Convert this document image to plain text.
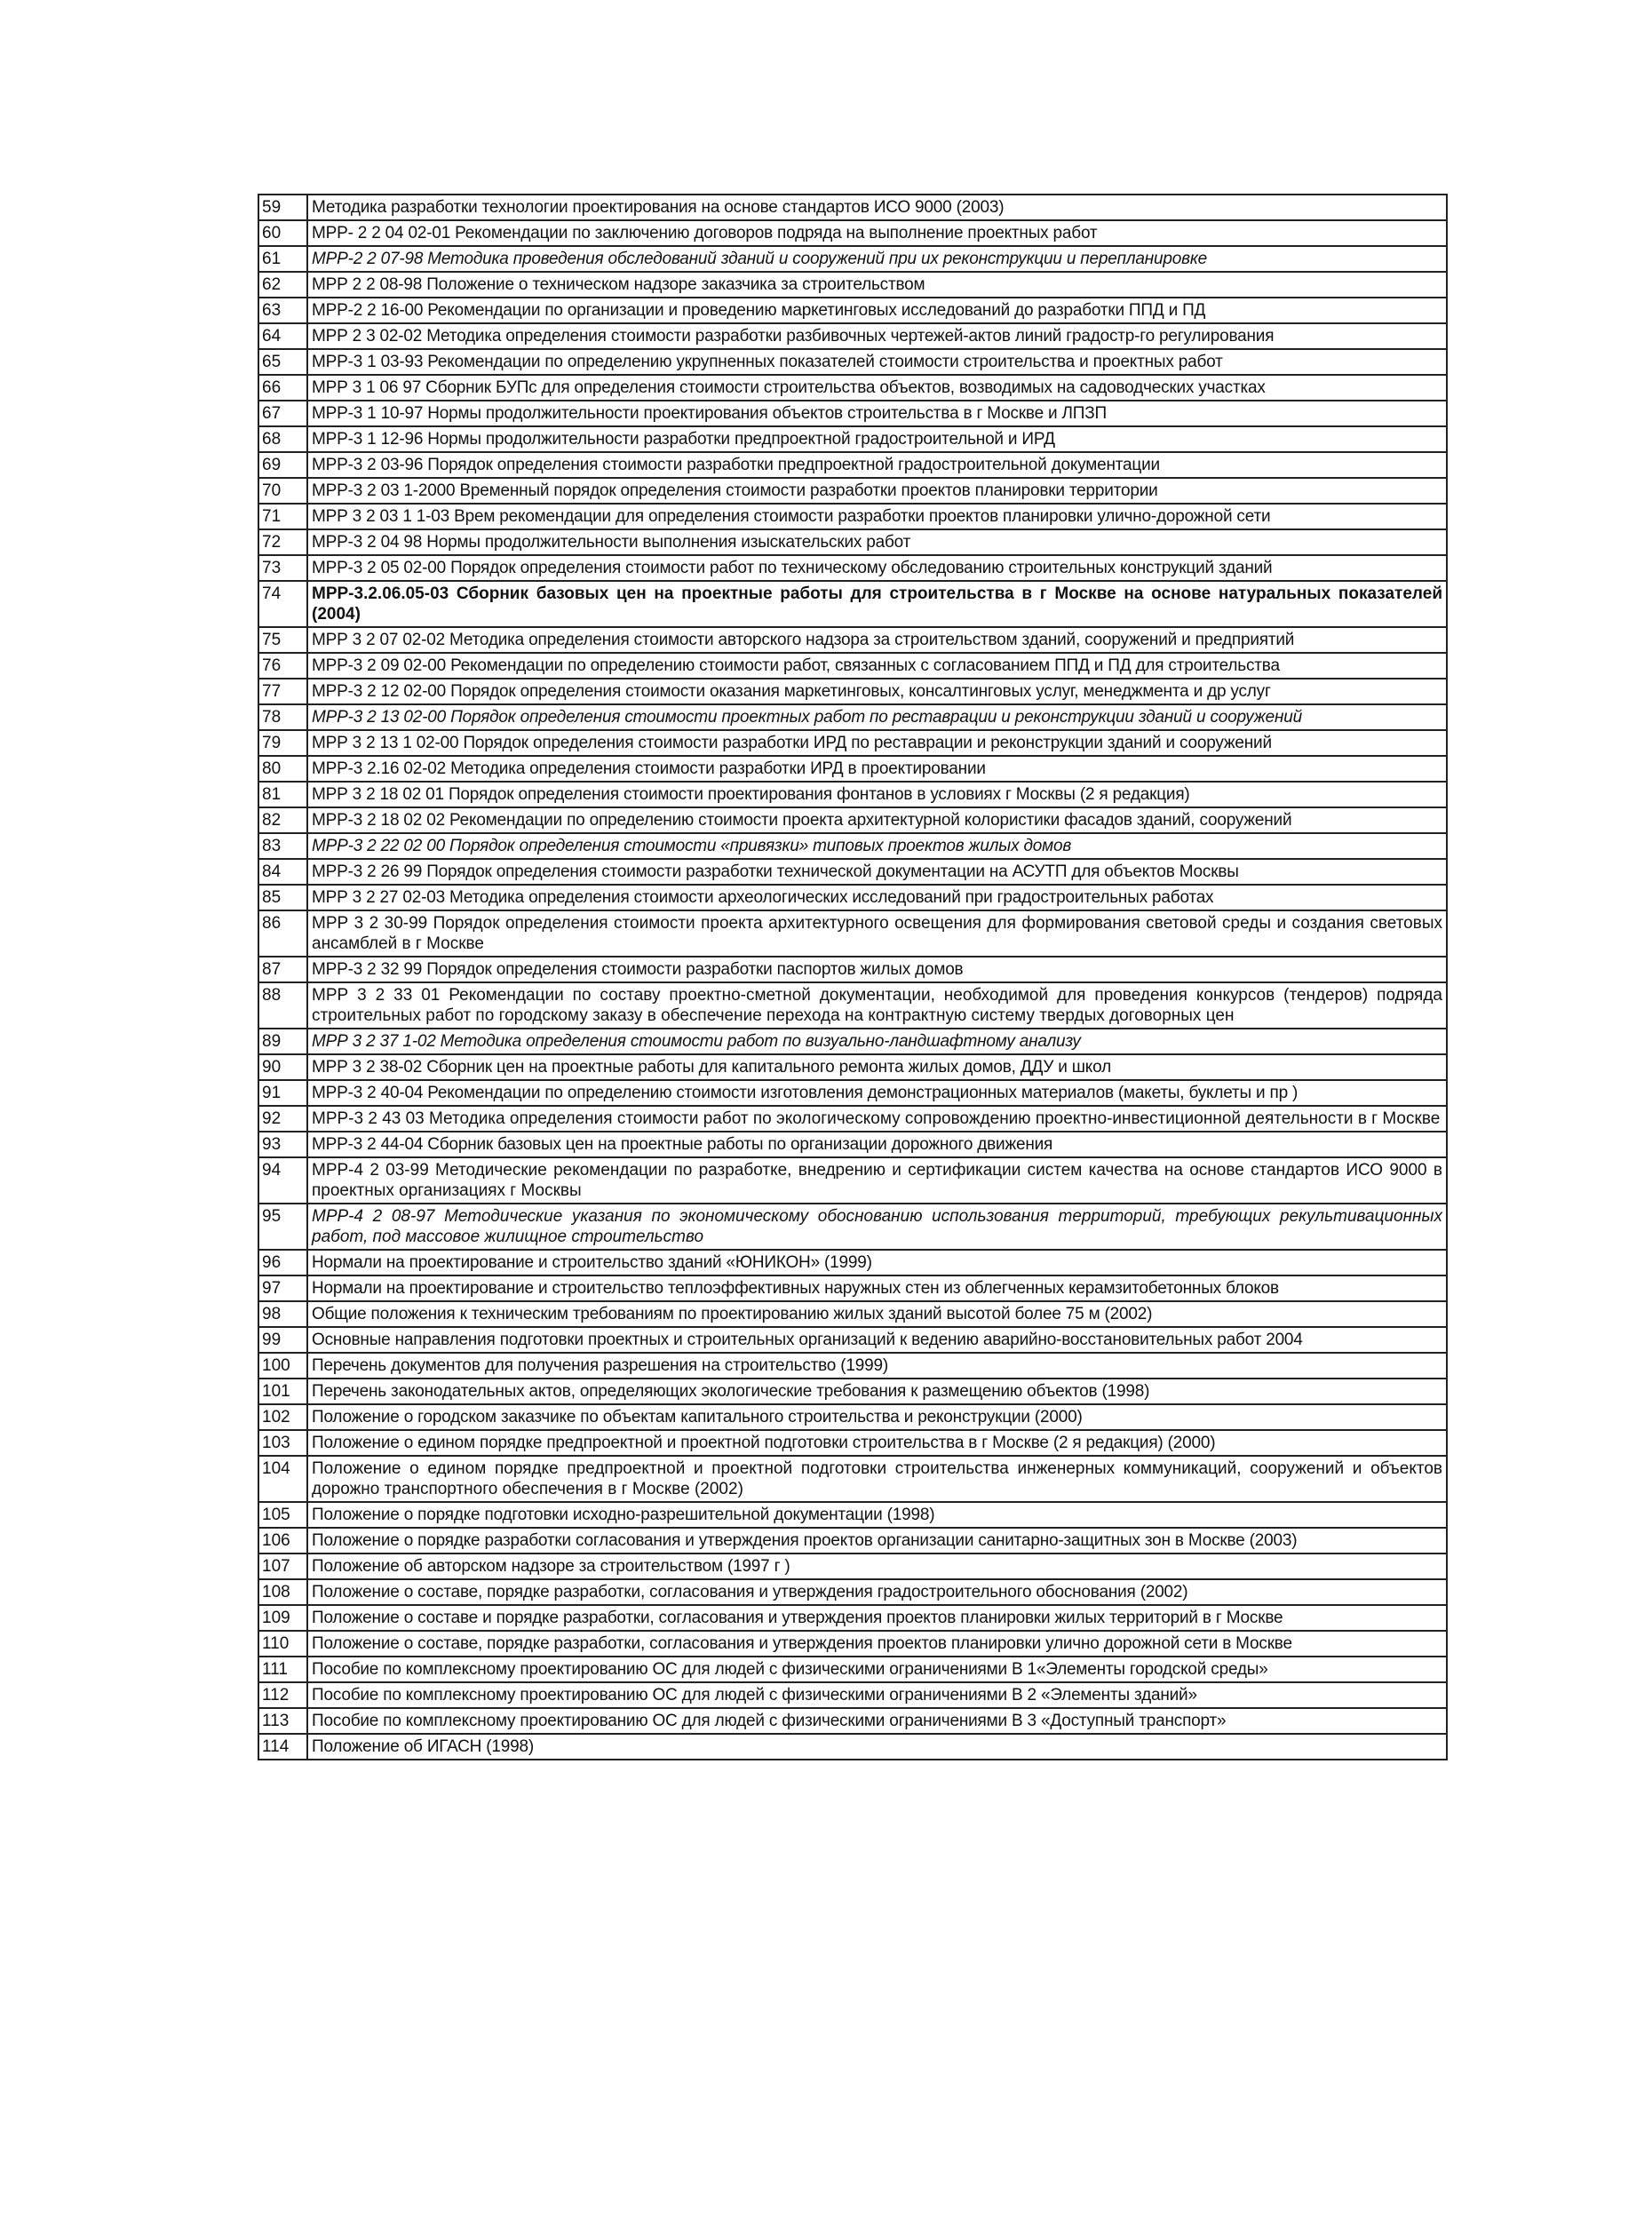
59	Методика разработки технологии проектирования на основе стандартов ИСО 9000 (2003)
60	МРР- 2 2 04 02-01 Рекомендации по заключению договоров подряда на выполнение проектных работ
61	МРР-2 2 07-98 Методика проведения обследований зданий и сооружений при их реконструкции и перепланировке
62	МРР 2 2 08-98 Положение о техническом надзоре заказчика за строительством
63	МРР-2 2 16-00 Рекомендации по организации и проведению маркетинговых исследований до разработки ППД и ПД
64	МРР 2 3 02-02 Методика определения стоимости разработки разбивочных чертежей-актов линий градостр-го регулирования
65	МРР-3 1 03-93 Рекомендации по определению укрупненных показателей стоимости строительства и проектных работ
66	МРР 3 1 06 97 Сборник БУПс для определения стоимости строительства объектов, возводимых на садоводческих участках
67	МРР-3 1 10-97 Нормы продолжительности проектирования объектов строительства в г Москве и ЛПЗП
68	МРР-3 1 12-96 Нормы продолжительности разработки предпроектной градостроительной и ИРД
69	МРР-3 2 03-96 Порядок определения стоимости разработки предпроектной градостроительной документации
70	МРР-3 2 03 1-2000 Временный порядок определения стоимости разработки проектов планировки территории
71	МРР 3 2 03 1 1-03 Врем рекомендации для определения стоимости разработки проектов планировки улично-дорожной сети
72	МРР-3 2 04 98 Нормы продолжительности выполнения изыскательских работ
73	МРР-3 2 05 02-00 Порядок определения стоимости работ по техническому обследованию строительных конструкций зданий
74	МРР-3.2.06.05-03 Сборник базовых цен на проектные работы для строительства в г Москве на основе натуральных показателей (2004)
75	МРР 3 2 07 02-02 Методика определения стоимости авторского надзора за строительством зданий, сооружений и предприятий
76	МРР-3 2 09 02-00 Рекомендации по определению стоимости работ, связанных с согласованием ППД и ПД для строительства
77	МРР-3 2 12 02-00 Порядок определения стоимости оказания маркетинговых, консалтинговых услуг, менеджмента и др услуг
78	МРР-3 2 13 02-00 Порядок определения стоимости проектных работ по реставрации и реконструкции зданий и сооружений
79	МРР 3 2 13 1 02-00 Порядок определения стоимости разработки ИРД по реставрации и реконструкции зданий и сооружений
80	МРР-3 2.16 02-02 Методика определения стоимости разработки ИРД в проектировании
81	МРР 3 2 18 02 01 Порядок определения стоимости проектирования фонтанов в условиях г Москвы (2 я редакция)
82	МРР-3 2 18 02 02 Рекомендации по определению стоимости проекта архитектурной колористики фасадов зданий, сооружений
83	МРР-3 2 22 02 00 Порядок определения стоимости «привязки» типовых проектов жилых домов
84	МРР-3 2 26 99 Порядок определения стоимости разработки технической документации на АСУТП для объектов Москвы
85	МРР 3 2 27 02-03 Методика определения стоимости археологических исследований при градостроительных работах
86	МРР 3 2 30-99 Порядок определения стоимости проекта архитектурного освещения для формирования световой среды и создания световых ансамблей в г Москве
87	МРР-3 2 32 99 Порядок определения стоимости разработки паспортов жилых домов
88	МРР 3 2 33 01 Рекомендации по составу проектно-сметной документации, необходимой для проведения конкурсов (тендеров) подряда строительных работ по городскому заказу в обеспечение перехода на контрактную систему твердых договорных цен
89	МРР 3 2 37 1-02 Методика определения стоимости работ по визуально-ландшафтному анализу
90	МРР 3 2 38-02 Сборник цен на проектные работы для капитального ремонта жилых домов, ДДУ и школ
91	МРР-3 2 40-04 Рекомендации по определению стоимости изготовления демонстрационных материалов (макеты, буклеты и пр )
92	МРР-3 2 43 03 Методика определения стоимости работ по экологическому сопровождению проектно-инвестиционной деятельности в г Москве
93	МРР-3 2 44-04 Сборник базовых цен на проектные работы по организации дорожного движения
94	МРР-4 2 03-99 Методические рекомендации по разработке, внедрению и сертификации систем качества на основе стандартов ИСО 9000 в проектных организациях г Москвы
95	МРР-4 2 08-97 Методические указания по экономическому обоснованию использования территорий, требующих рекультивационных работ, под массовое жилищное строительство
96	Нормали на проектирование и строительство зданий «ЮНИКОН» (1999)
97	Нормали на проектирование и строительство теплоэффективных наружных стен из облегченных керамзитобетонных блоков
98	Общие положения к техническим требованиям по проектированию жилых зданий высотой более 75 м (2002)
99	Основные направления подготовки проектных и строительных организаций к ведению аварийно-восстановительных работ 2004
100	Перечень документов для получения разрешения на строительство (1999)
101	Перечень законодательных актов, определяющих экологические требования к размещению объектов (1998)
102	Положение о городском заказчике по объектам капитального строительства и реконструкции (2000)
103	Положение о едином порядке предпроектной и проектной подготовки строительства в г Москве (2 я редакция) (2000)
104	Положение о едином порядке предпроектной и проектной подготовки строительства инженерных коммуникаций, сооружений и объектов дорожно транспортного обеспечения в г Москве (2002)
105	Положение о порядке подготовки исходно-разрешительной документации (1998)
106	Положение о порядке разработки согласования и утверждения проектов организации санитарно-защитных зон в Москве (2003)
107	Положение об авторском надзоре за строительством (1997 г )
108	Положение о составе, порядке разработки, согласования и утверждения градостроительного обоснования (2002)
109	Положение о составе и порядке разработки, согласования и утверждения проектов планировки жилых территорий в г Москве
110	Положение о составе, порядке разработки, согласования и утверждения проектов планировки улично дорожной сети в Москве
111	Пособие по комплексному проектированию ОС для людей с физическими ограничениями В 1«Элементы городской среды»
112	Пособие по комплексному проектированию ОС для людей с физическими ограничениями В 2 «Элементы зданий»
113	Пособие по комплексному проектированию ОС для людей с физическими ограничениями В 3 «Доступный транспорт»
114	Положение об ИГАСН (1998)
